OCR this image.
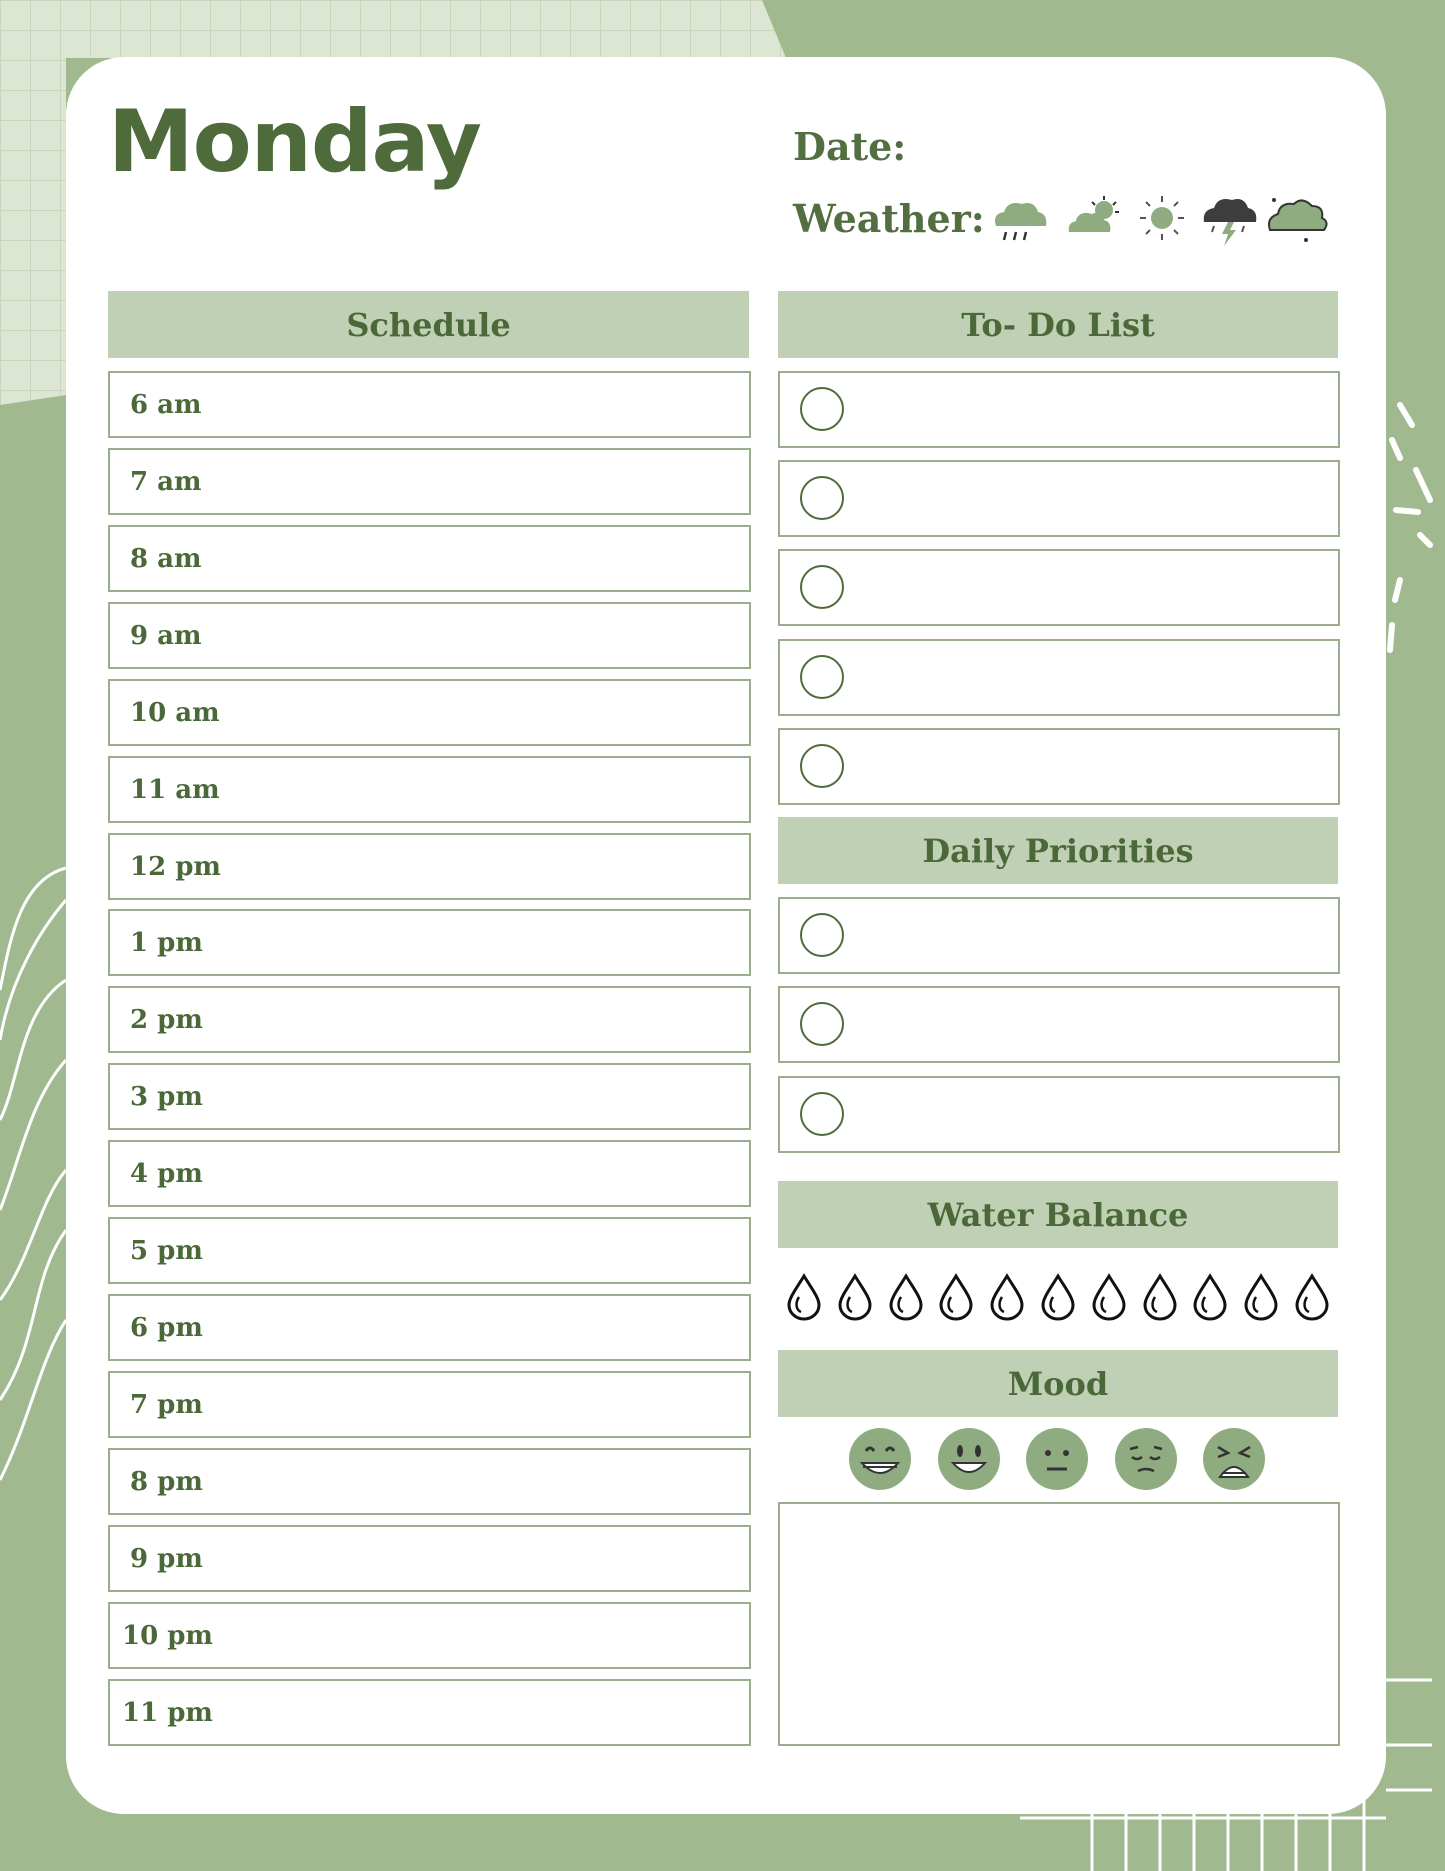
Monday	Date:
Weather:
Schedule	To- Do List
Daily Priorities
Water Balance
Mood
6 am
7 am
8 am
9 am
10 am
11 am
12 pm
1 pm
2 pm
3 pm
4 pm
5 pm
6 pm
7 pm
8 pm
9 pm
10 pm
11 pm
